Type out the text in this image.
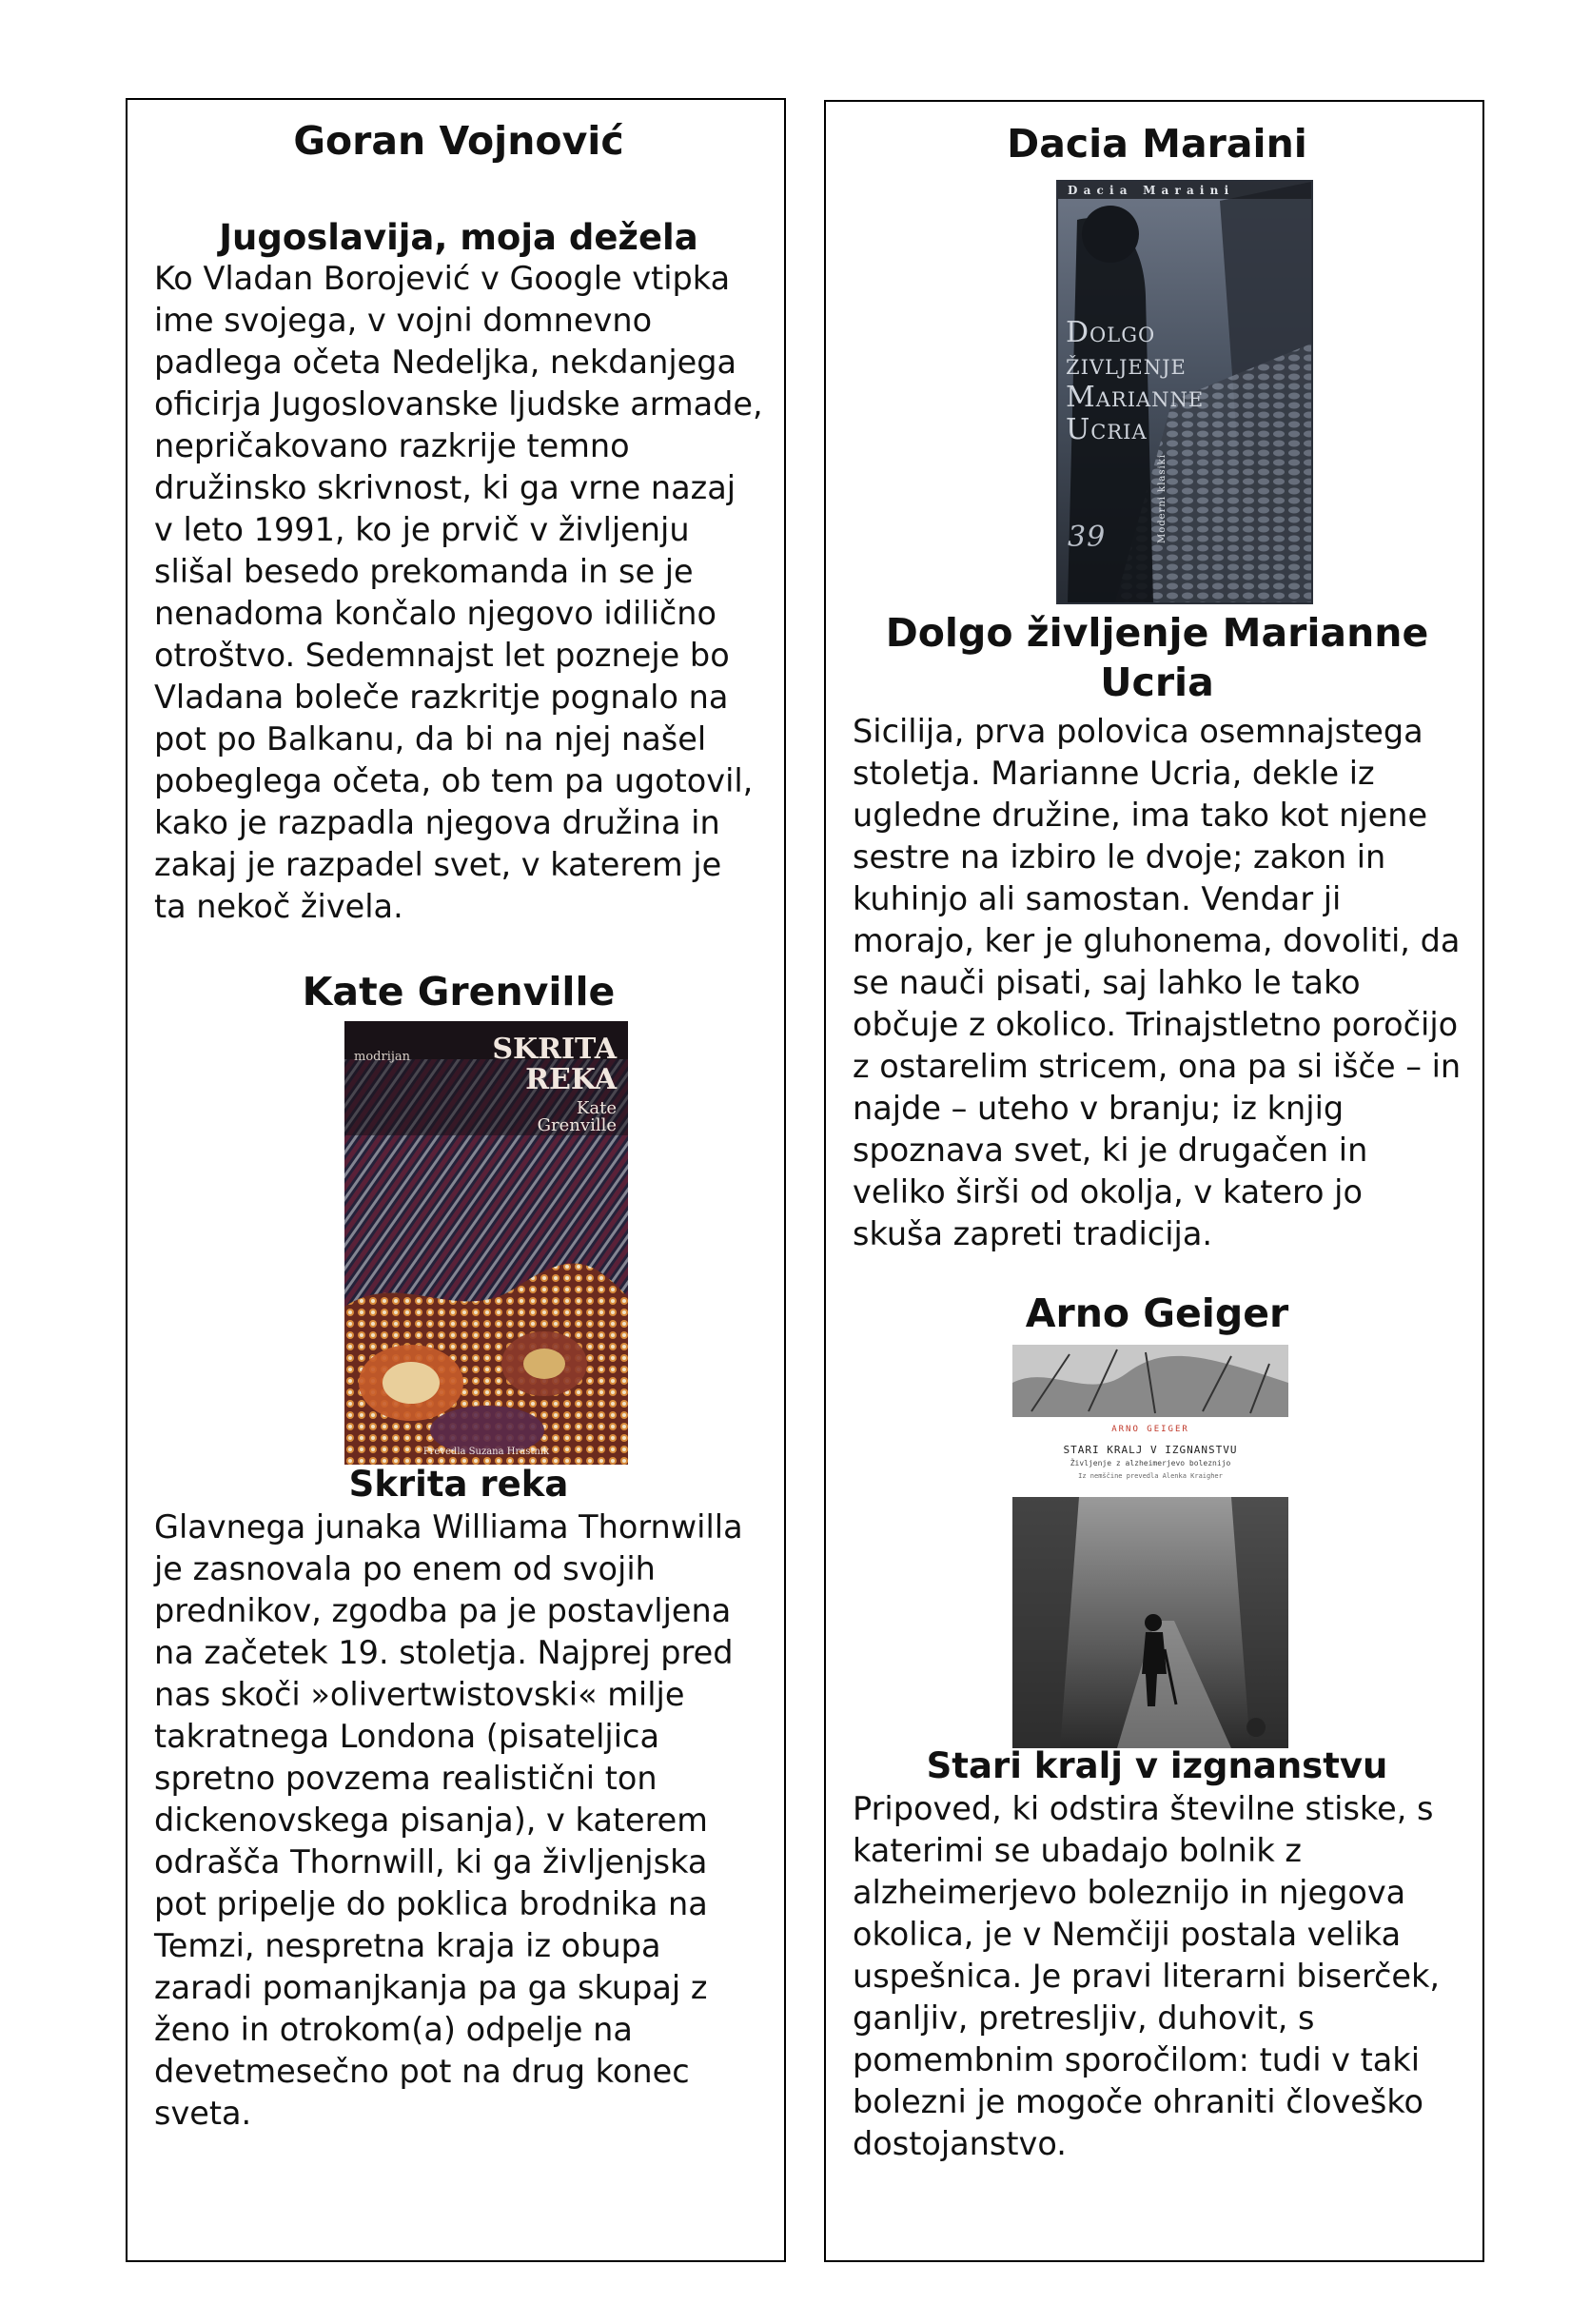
Goran Vojnović
Jugoslavija, moja dežela

Ko Vladan Borojević v Google vtipka ime svojega, v vojni domnevno padlega očeta Nedeljka, nekdanjega oficirja Jugoslovanske ljudske armade, nepričakovano razkrije temno družinsko skrivnost, ki ga vrne nazaj v leto 1991, ko je prvič v življenju slišal besedo prekomanda in se je nenadoma končalo njegovo idilično otroštvo. Sedemnajst let pozneje bo Vladana boleče razkritje pognalo na pot po Balkanu, da bi na njej našel pobeglega očeta, ob tem pa ugotovil, kako je razpadla njegova družina in zakaj je razpadel svet, v katerem je ta nekoč živela.

Kate Grenville
modrijan	SKRITA
REKA
Kate
Grenville
Prevedla Suzana Hrastnik
Skrita reka

Glavnega junaka Williama Thornwilla je zasnovala po enem od svojih prednikov, zgodba pa je postavljena na začetek 19. stoletja. Najprej pred nas skoči »olivertwistovski« milje takratnega Londona (pisateljica spretno povzema realistični ton dickenovskega pisanja), v katerem odrašča Thornwill, ki ga življenjska pot pripelje do poklica brodnika na Temzi, nespretna kraja iz obupa zaradi pomanjkanja pa ga skupaj z ženo in otrokom(a) odpelje na devetmesečno pot na drug konec sveta.

Dacia Maraini
D a c i a   M a r a i n i
Dolgo
življenje
Marianne
Ucria
39	Moderni klasiki
Dolgo življenje Marianne Ucria

Sicilija, prva polovica osemnajstega stoletja. Marianne Ucria, dekle iz ugledne družine, ima tako kot njene sestre na izbiro le dvoje; zakon in kuhinjo ali samostan. Vendar ji morajo, ker je gluhonema, dovoliti, da se nauči pisati, saj lahko le tako občuje z okolico. Trinajstletno poročijo z ostarelim stricem, ona pa si išče – in najde – uteho v branju; iz knjig spoznava svet, ki je drugačen in veliko širši od okolja, v katero jo skuša zapreti tradicija.

Arno Geiger
ARNO GEIGER
STARI KRALJ V IZGNANSTVU
Življenje z alzheimerjevo boleznijo
Iz nemščine prevedla Alenka Kraigher
Stari kralj v izgnanstvu

Pripoved, ki odstira številne stiske, s katerimi se ubadajo bolnik z alzheimerjevo boleznijo in njegova okolica, je v Nemčiji postala velika uspešnica. Je pravi literarni biserček, ganljiv, pretresljiv, duhovit, s pomembnim sporočilom: tudi v taki bolezni je mogoče ohraniti človeško dostojanstvo.
